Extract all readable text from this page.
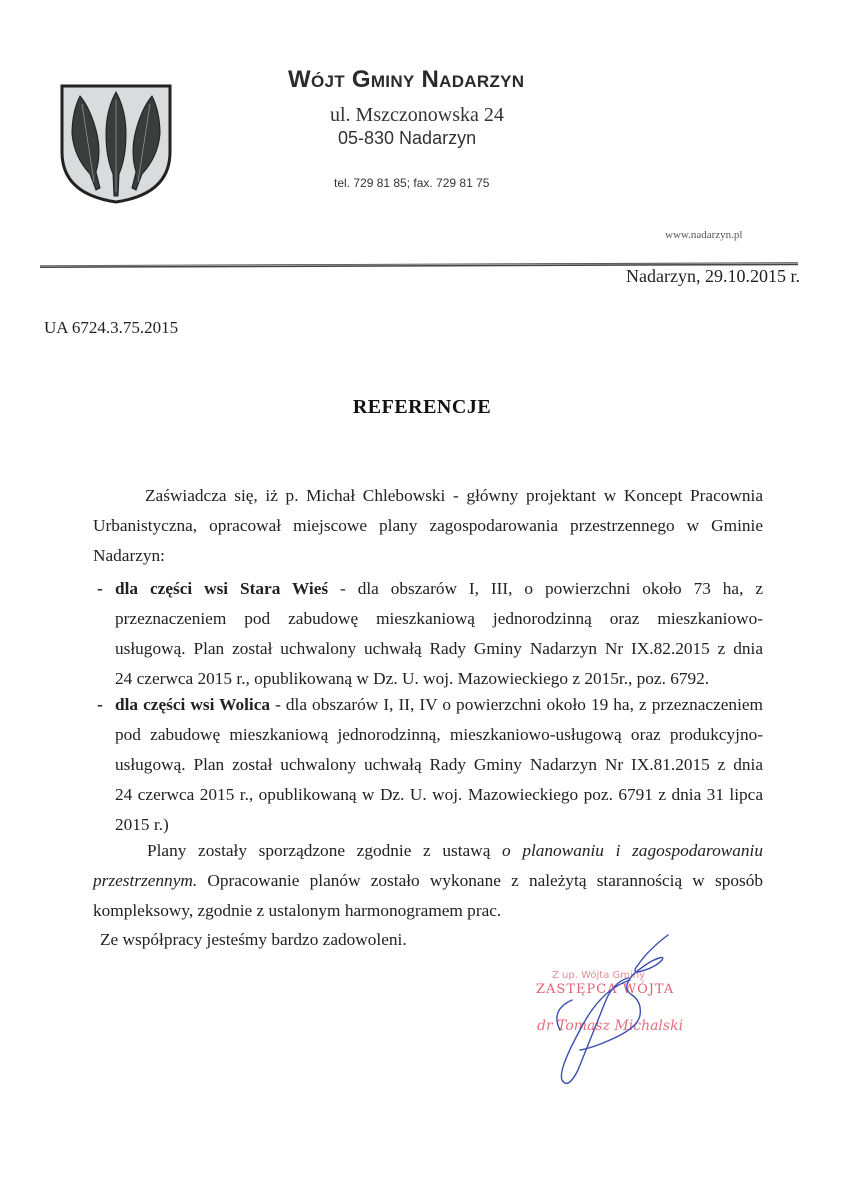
Wójt Gminy Nadarzyn
ul. Mszczonowska 24
05-830 Nadarzyn
tel. 729 81 85; fax. 729 81 75
www.nadarzyn.pl
Nadarzyn, 29.10.2015 r.
UA 6724.3.75.2015
REFERENCJE
Zaświadcza się, iż p. Michał Chlebowski - główny projektant w Koncept Pracownia
Urbanistyczna, opracował miejscowe plany zagospodarowania przestrzennego w Gminie
Nadarzyn:
- dla części wsi Stara Wieś - dla obszarów I, III, o powierzchni około 73 ha, z
przeznaczeniem pod zabudowę mieszkaniową jednorodzinną oraz mieszkaniowo-
usługową. Plan został uchwalony uchwałą Rady Gminy Nadarzyn Nr IX.82.2015 z dnia
24 czerwca 2015 r., opublikowaną w Dz. U. woj. Mazowieckiego z 2015r., poz. 6792.
- dla części wsi Wolica - dla obszarów I, II, IV o powierzchni około 19 ha, z przeznaczeniem
pod zabudowę mieszkaniową jednorodzinną, mieszkaniowo-usługową oraz produkcyjno-
usługową. Plan został uchwalony uchwałą Rady Gminy Nadarzyn Nr IX.81.2015 z dnia
24 czerwca 2015 r., opublikowaną w Dz. U. woj. Mazowieckiego poz. 6791 z dnia 31 lipca
2015 r.)
Plany zostały sporządzone zgodnie z ustawą o planowaniu i zagospodarowaniu
przestrzennym. Opracowanie planów zostało wykonane z należytą starannością w sposób
kompleksowy, zgodnie z ustalonym harmonogramem prac.
Ze współpracy jesteśmy bardzo zadowoleni.
Z up. Wójta Gminy
ZASTĘPCA WÓJTA
dr Tomasz Michalski
